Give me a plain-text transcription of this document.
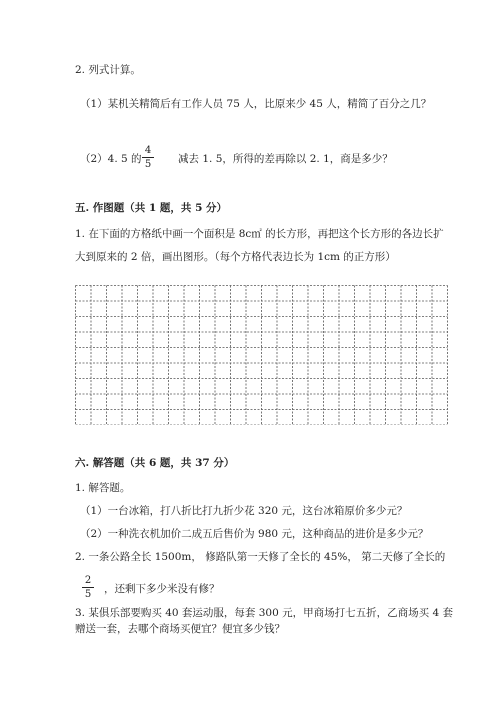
2. 列式计算。
（1）某机关精简后有工作人员 75 人，比原来少 45 人，精简了百分之几？
（2）4. 5 的
4
5	减去 1. 5，所得的差再除以 2. 1，商是多少？
五. 作图题（共 1 题，共 5 分）
1. 在下面的方格纸中画一个面积是 8c㎡ 的长方形，再把这个长方形的各边长扩
大到原来的 2 倍，画出图形。（每个方格代表边长为 1cm 的正方形）
六. 解答题（共 6 题，共 37 分）
1. 解答题。
（1）一台冰箱，打八折比打九折少花 320 元，这台冰箱原价多少元？
（2）一种洗衣机加价二成五后售价为 980 元，这种商品的进价是多少元？
2. 一条公路全长 1500m， 修路队第一天修了全长的 45%， 第二天修了全长的
2
5 ，还剩下多少米没有修？
3. 某俱乐部要购买 40 套运动服，每套 300 元，甲商场打七五折，乙商场买 4 套
赠送一套，去哪个商场买便宜？便宜多少钱？
